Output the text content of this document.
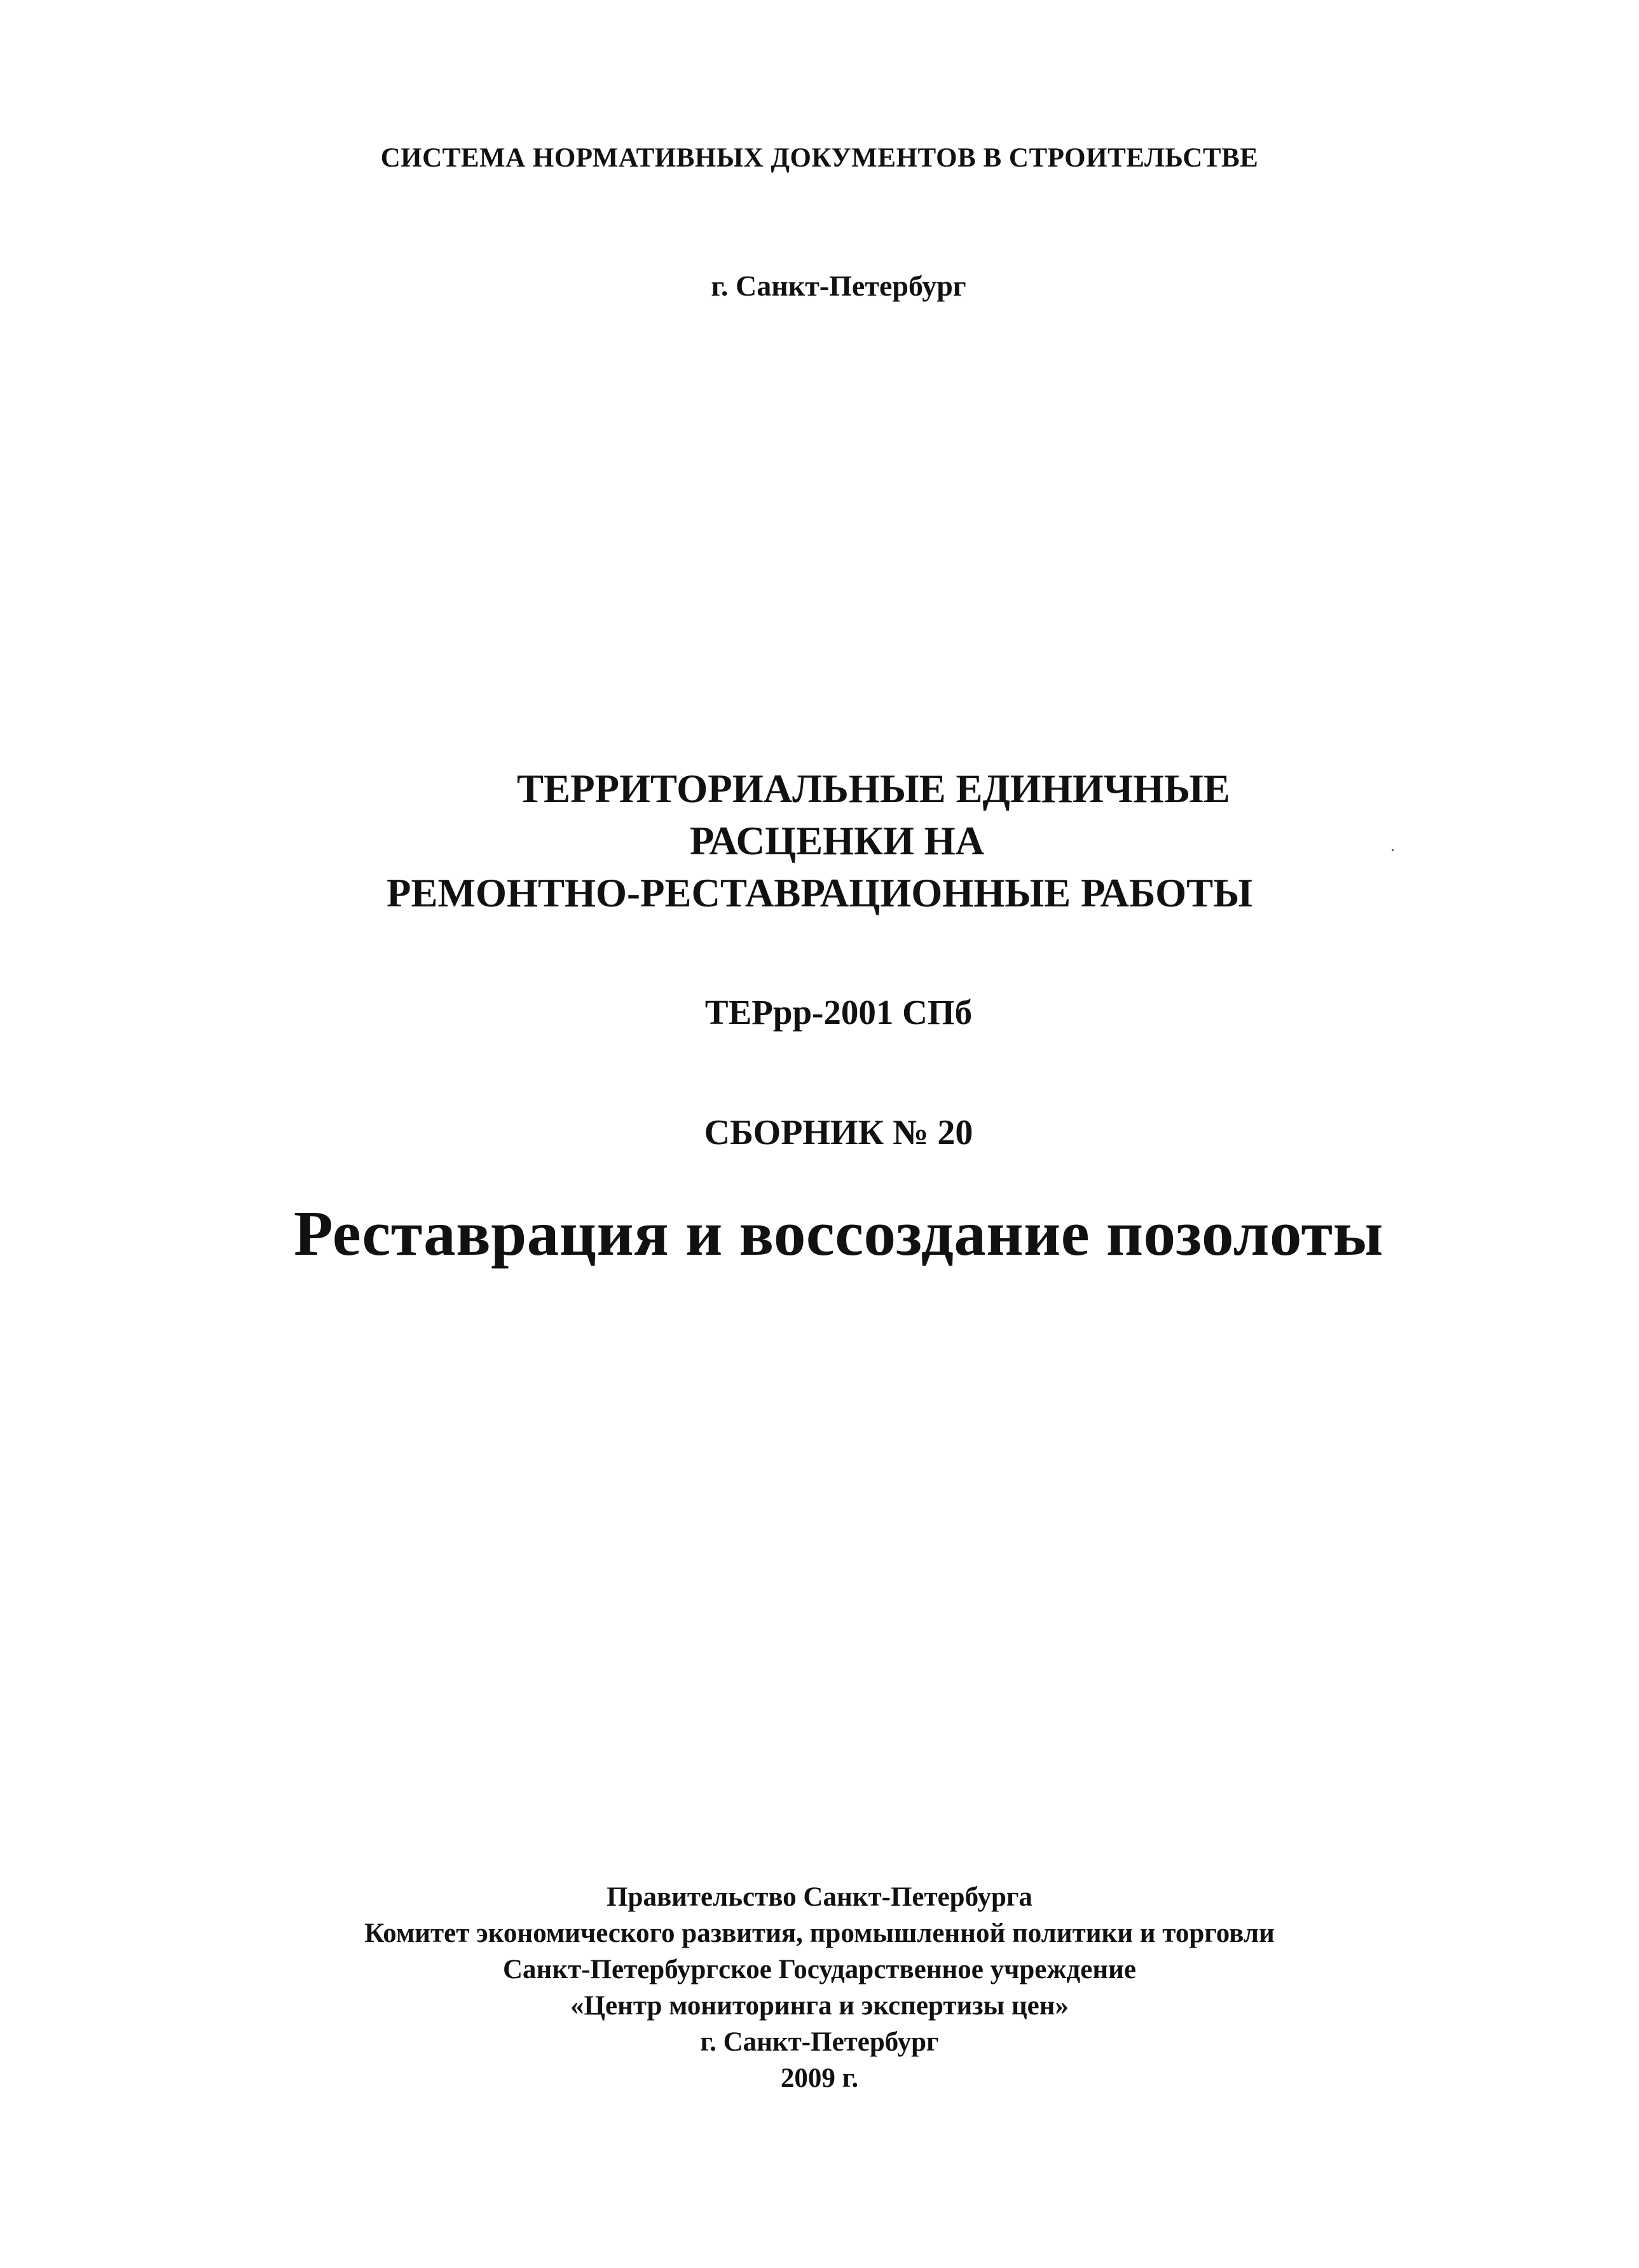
СИСТЕМА НОРМАТИВНЫХ ДОКУМЕНТОВ В СТРОИТЕЛЬСТВЕ
г. Санкт-Петербург
ТЕРРИТОРИАЛЬНЫЕ ЕДИНИЧНЫЕ
РАСЦЕНКИ НА
РЕМОНТНО-РЕСТАВРАЦИОННЫЕ РАБОТЫ
ТЕРрр-2001 СПб
СБОРНИК № 20
Реставрация и воссоздание позолоты
Правительство Санкт-Петербурга
Комитет экономического развития, промышленной политики и торговли
Санкт-Петербургское Государственное учреждение
«Центр мониторинга и экспертизы цен»
г. Санкт-Петербург
2009 г.
